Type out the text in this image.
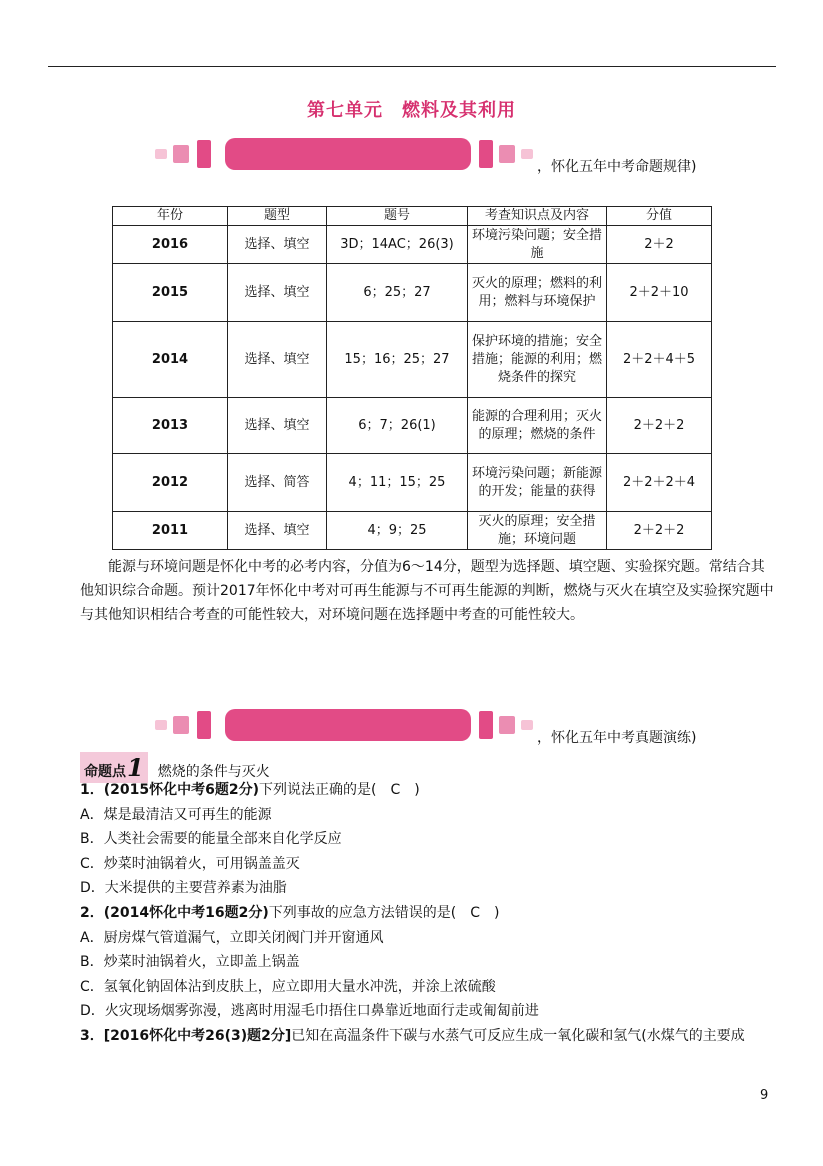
第七单元　燃料及其利用
，怀化五年中考命题规律)
年份	题型	题号	考查知识点及内容	分值
2016	选择、填空	3D；14AC；26(3)	环境污染问题；安全措施	2＋2
2015	选择、填空	6；25；27	灭火的原理；燃料的利用；燃料与环境保护	2＋2＋10
2014	选择、填空	15；16；25；27	保护环境的措施；安全措施；能源的利用；燃烧条件的探究	2＋2＋4＋5
2013	选择、填空	6；7；26(1)	能源的合理利用；灭火的原理；燃烧的条件	2＋2＋2
2012	选择、简答	4；11；15；25	环境污染问题；新能源的开发；能量的获得	2＋2＋2＋4
2011	选择、填空	4；9；25	灭火的原理；安全措施；环境问题	2＋2＋2
能源与环境问题是怀化中考的必考内容，分值为6～14分，题型为选择题、填空题、实验探究题。常结合其他知识综合命题。预计2017年怀化中考对可再生能源与不可再生能源的判断，燃烧与灭火在填空及实验探究题中与其他知识相结合考查的可能性较大，对环境问题在选择题中考查的可能性较大。
，怀化五年中考真题演练)
命题点1 燃烧的条件与灭火
1．(2015怀化中考6题2分)下列说法正确的是(　C　)
A．煤是最清洁又可再生的能源
B．人类社会需要的能量全部来自化学反应
C．炒菜时油锅着火，可用锅盖盖灭
D．大米提供的主要营养素为油脂
2．(2014怀化中考16题2分)下列事故的应急方法错误的是(　C　)
A．厨房煤气管道漏气，立即关闭阀门并开窗通风
B．炒菜时油锅着火，立即盖上锅盖
C．氢氧化钠固体沾到皮肤上，应立即用大量水冲洗，并涂上浓硫酸
D．火灾现场烟雾弥漫，逃离时用湿毛巾捂住口鼻靠近地面行走或匍匐前进
3．[2016怀化中考26(3)题2分]已知在高温条件下碳与水蒸气可反应生成一氧化碳和氢气(水煤气的主要成
9
